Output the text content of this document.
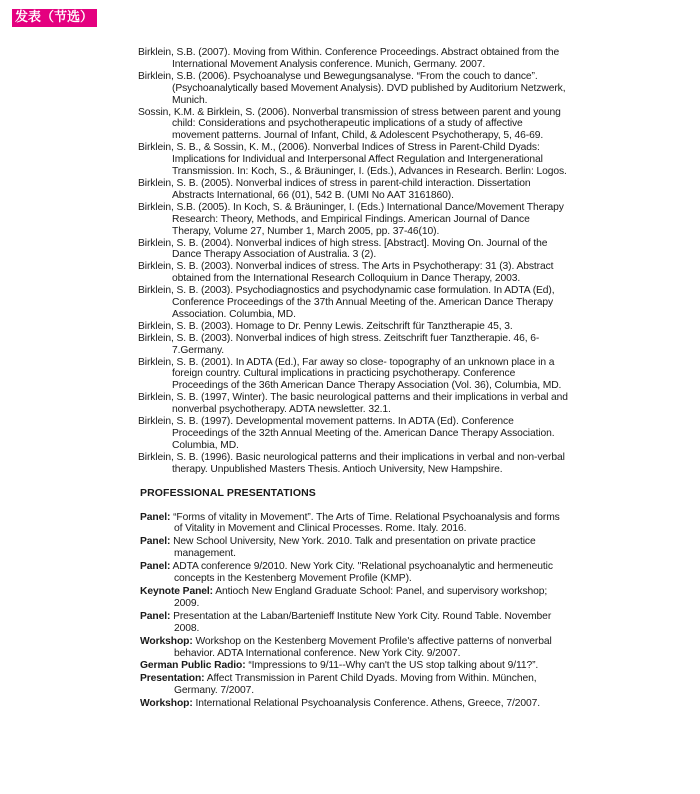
发表（节选）

Birklein, S.B. (2007). Moving from Within. Conference Proceedings. Abstract obtained from the International Movement Analysis conference. Munich, Germany. 2007.

Birklein, S.B. (2006). Psychoanalyse und Bewegungsanalyse. “From the couch to dance”. (Psychoanalytically based Movement Analysis). DVD published by Auditorium Netzwerk, Munich.

Sossin, K.M. & Birklein, S. (2006). Nonverbal transmission of stress between parent and young child: Considerations and psychotherapeutic implications of a study of affective movement patterns. Journal of Infant, Child, & Adolescent Psychotherapy, 5, 46-69.

Birklein, S. B., & Sossin, K. M., (2006). Nonverbal Indices of Stress in Parent-Child Dyads: Implications for Individual and Interpersonal Affect Regulation and Intergenerational Transmission. In: Koch, S., & Bräuninger, I. (Eds.), Advances in Research. Berlin: Logos.

Birklein, S. B. (2005). Nonverbal indices of stress in parent-child interaction. Dissertation Abstracts International, 66 (01), 542 B. (UMI No AAT 3161860).

Birklein, S.B. (2005). In Koch, S. & Bräuninger, I. (Eds.) International Dance/Movement Therapy Research: Theory, Methods, and Empirical Findings. American Journal of Dance Therapy, Volume 27, Number 1, March 2005, pp. 37-46(10).

Birklein, S. B. (2004). Nonverbal indices of high stress. [Abstract]. Moving On. Journal of the Dance Therapy Association of Australia. 3 (2).

Birklein, S. B. (2003). Nonverbal indices of stress. The Arts in Psychotherapy: 31 (3). Abstract obtained from the International Research Colloquium in Dance Therapy, 2003.

Birklein, S. B. (2003). Psychodiagnostics and psychodynamic case formulation. In ADTA (Ed), Conference Proceedings of the 37th Annual Meeting of the. American Dance Therapy Association. Columbia, MD.

Birklein, S. B. (2003). Homage to Dr. Penny Lewis. Zeitschrift für Tanztherapie 45, 3.

Birklein, S. B. (2003). Nonverbal indices of high stress. Zeitschrift fuer Tanztherapie. 46, 6-7.Germany.

Birklein, S. B. (2001). In ADTA (Ed.), Far away so close- topography of an unknown place in a foreign country. Cultural implications in practicing psychotherapy. Conference Proceedings of the 36th American Dance Therapy Association (Vol. 36), Columbia, MD.

Birklein, S. B. (1997, Winter). The basic neurological patterns and their implications in verbal and nonverbal psychotherapy. ADTA newsletter. 32.1.

Birklein, S. B. (1997). Developmental movement patterns. In ADTA (Ed). Conference Proceedings of the 32th Annual Meeting of the. American Dance Therapy Association. Columbia, MD.

Birklein, S. B. (1996). Basic neurological patterns and their implications in verbal and non-verbal therapy. Unpublished Masters Thesis. Antioch University, New Hampshire.

PROFESSIONAL PRESENTATIONS

Panel: “Forms of vitality in Movement”. The Arts of Time. Relational Psychoanalysis and forms of Vitality in Movement and Clinical Processes. Rome. Italy. 2016.

Panel: New School University, New York. 2010. Talk and presentation on private practice management.

Panel: ADTA conference 9/2010. New York City. "Relational psychoanalytic and hermeneutic concepts in the Kestenberg Movement Profile (KMP).

Keynote Panel: Antioch New England Graduate School: Panel, and supervisory workshop; 2009.

Panel: Presentation at the Laban/Bartenieff Institute New York City. Round Table. November 2008.

Workshop: Workshop on the Kestenberg Movement Profile's affective patterns of nonverbal behavior. ADTA International conference. New York City. 9/2007.

German Public Radio: “Impressions to 9/11--Why can't the US stop talking about 9/11?”.

Presentation: Affect Transmission in Parent Child Dyads. Moving from Within. München, Germany. 7/2007.

Workshop: International Relational Psychoanalysis Conference. Athens, Greece, 7/2007.
